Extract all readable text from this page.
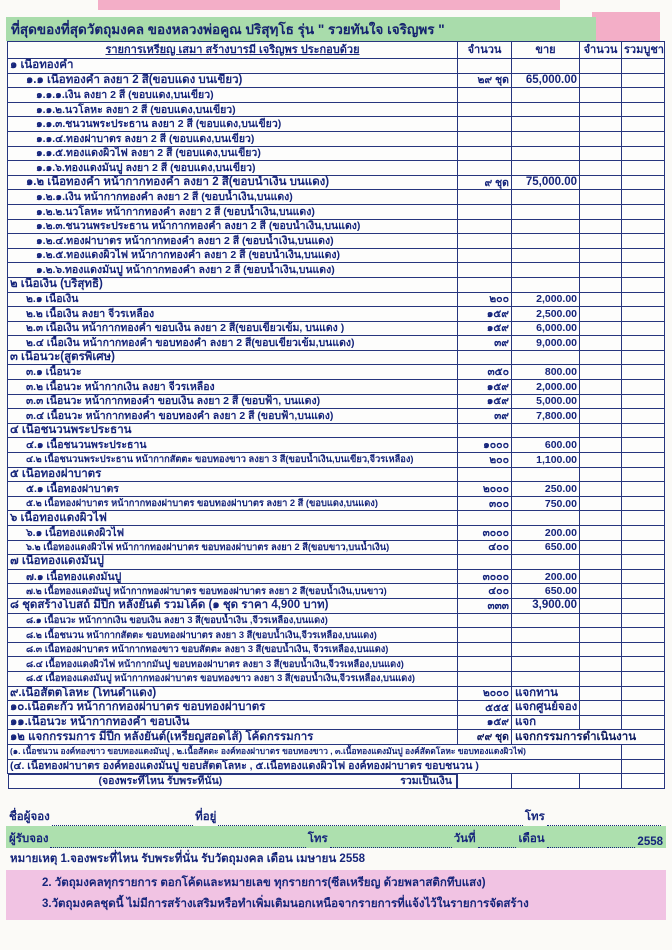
ที่สุดของที่สุดวัตถุมงคล ของหลวงพ่อคูณ ปริสุทฺโธ รุ่น " รวยทันใจ เจริญพร "
รายการเหรียญ เสมา สร้างบารมี เจริญพร ประกอบด้วย	จำนวน	ขาย	จำนวน	รวมบูชา
๑ เนื้อทองคำ				
๑.๑ เนื้อทองคำ ลงยา 2 สี(ขอบแดง บนเขียว)	๒๙ ชุด	65,000.00		
๑.๑.๑.เงิน ลงยา 2 สี (ขอบแดง,บนเขียว)				
๑.๑.๒.นวโลหะ ลงยา 2 สี (ขอบแดง,บนเขียว)				
๑.๑.๓.ชนวนพระประธาน ลงยา 2 สี (ขอบแดง,บนเขียว)				
๑.๑.๔.ทองฝาบาตร ลงยา 2 สี (ขอบแดง,บนเขียว)				
๑.๑.๕.ทองแดงผิวไฟ ลงยา 2 สี (ขอบแดง,บนเขียว)				
๑.๑.๖.ทองแดงมันปู ลงยา 2 สี (ขอบแดง,บนเขียว)				
๑.๒ เนื้อทองคำ หน้ากากทองคำ ลงยา 2 สี(ขอบน้ำเงิน บนแดง)	๙ ชุด	75,000.00		
๑.๒.๑.เงิน หน้ากากทองคำ ลงยา 2 สี (ขอบน้ำเงิน,บนแดง)				
๑.๒.๒.นวโลหะ หน้ากากทองคำ ลงยา 2 สี (ขอบน้ำเงิน,บนแดง)				
๑.๒.๓.ชนวนพระประธาน หน้ากากทองคำ ลงยา 2 สี (ขอบน้ำเงิน,บนแดง)				
๑.๒.๔.ทองฝาบาตร หน้ากากทองคำ ลงยา 2 สี (ขอบน้ำเงิน,บนแดง)				
๑.๒.๕.ทองแดงผิวไฟ หน้ากากทองคำ ลงยา 2 สี (ขอบน้ำเงิน,บนแดง)				
๑.๒.๖.ทองแดงมันปู หน้ากากทองคำ ลงยา 2 สี (ขอบน้ำเงิน,บนแดง)				
๒ เนื้อเงิน (บริสุทธิ์)				
๒.๑ เนื้อเงิน	๒๐๐	2,000.00		
๒.๒ เนื้อเงิน ลงยา จีวรเหลือง	๑๕๙	2,500.00		
๒.๓ เนื้อเงิน หน้ากากทองคำ ขอบเงิน ลงยา 2 สี(ขอบเขียวเข้ม, บนแดง )	๑๕๙	6,000.00		
๒.๔ เนื้อเงิน หน้ากากทองคำ ขอบทองคำ ลงยา 2 สี(ขอบเขียวเข้ม,บนแดง)	๓๙	9,000.00		
๓ เนื้อนวะ(สูตรพิเศษ)				
๓.๑ เนื้อนวะ	๓๕๐	800.00		
๓.๒ เนื้อนวะ หน้ากากเงิน ลงยา จีวรเหลือง	๑๕๙	2,000.00		
๓.๓ เนื้อนวะ หน้ากากทองคำ ขอบเงิน ลงยา 2 สี (ขอบฟ้า, บนแดง)	๑๕๙	5,000.00		
๓.๔ เนื้อนวะ หน้ากากทองคำ ขอบทองคำ ลงยา 2 สี (ขอบฟ้า,บนแดง)	๓๙	7,800.00		
๔ เนื้อชนวนพระประธาน				
๔.๑ เนื้อชนวนพระประธาน	๑๐๐๐	600.00		
๔.๒ เนื้อชนวนพระประธาน หน้ากากสัตตะ ขอบทองขาว ลงยา 3 สี(ขอบน้ำเงิน,บนเขียว,จีวรเหลือง)	๒๐๐	1,100.00		
๕ เนื้อทองฝาบาตร				
๕.๑ เนื้อทองฝาบาตร	๒๐๐๐	250.00		
๕.๒ เนื้อทองฝาบาตร หน้ากากทองฝาบาตร ขอบทองฝาบาตร ลงยา 2 สี (ขอบแดง,บนแดง)	๓๐๐	750.00		
๖ เนื้อทองแดงผิวไฟ				
๖.๑ เนื้อทองแดงผิวไฟ	๓๐๐๐	200.00		
๖.๒ เนื้อทองแดงผิวไฟ หน้ากากทองฝาบาตร ขอบทองฝาบาตร ลงยา 2 สี(ขอบขาว,บนน้ำเงิน)	๔๐๐	650.00		
๗ เนื้อทองแดงมันปู				
๗.๑ เนื้อทองแดงมันปู	๓๐๐๐	200.00		
๗.๒ เนื้อทองแดงมันปู หน้ากากทองฝาบาตร ขอบทองฝาบาตร ลงยา 2 สี(ขอบน้ำเงิน,บนขาว)	๔๐๐	650.00		
๘ ชุดสร้างโบสถ์ มีปีก หลังยันต์ รวมโค้ด (๑ ชุด ราคา 4,900 บาท)	๓๓๓	3,900.00		
๘.๑ เนื้อนวะ หน้ากากเงิน ขอบเงิน ลงยา 3 สี(ขอบน้ำเงิน ,จีวรเหลือง,บนแดง)				
๘.๒ เนื้อชนวน หน้ากากสัตตะ ขอบทองฝาบาตร ลงยา 3 สี(ขอบน้ำเงิน,จีวรเหลือง,บนแดง)				
๘.๓ เนื้อทองฝาบาตร หน้ากากทองขาว ขอบสัตตะ ลงยา 3 สี(ขอบน้ำเงิน, จีวรเหลือง,บนแดง)				
๘.๔ เนื้อทองแดงผิวไฟ หน้ากากมันปู ขอบทองฝาบาตร ลงยา 3 สี(ขอบน้ำเงิน,จีวรเหลือง,บนแดง)				
๘.๕ เนื้อทองแดงมันปู หน้ากากทองฝาบาตร ขอบทองขาว ลงยา 3 สี(ขอบน้ำเงิน,จีวรเหลือง,บนแดง)				
๙.เนื้อสัตตโลหะ (โทนดำแดง)	๒๐๐๐	แจกทาน		
๑๐.เนื้อตะกั่ว หน้ากากทองฝาบาตร ขอบทองฝาบาตร	๕๕๕	แจกศูนย์จอง		
๑๑.เนื้อนวะ หน้ากากทองคำ ขอบเงิน	๑๕๙	แจก		
๑๒ แจกกรรมการ มีปีก หลังยันต์(เหรียญสอดไส้) โค้ดกรรมการ	๙๙ ชุด	แจกกรรมการดำเนินงาน		
(๑. เนื้อชนวน องค์ทองขาว ขอบทองแดงมันปู , ๒.เนื้อสัตตะ องค์ทองฝาบาตร ขอบทองขาว , ๓.เนื้อทองแดงมันปู องค์สัตตโลหะ ขอบทองแดงผิวไฟ)				
(๔. เนื้อทองฝาบาตร องค์ทองแดงมันปู ขอบสัตตโลหะ , ๕.เนื้อทองแดงผิวไฟ องค์ทองฝาบาตร ขอบชนวน )				

(จองพระที่ไหน รับพระที่นั่น)	รวมเป็นเงิน

ชื่อผู้จอง	ที่อยู่	โทร
ผู้รับจอง	โทร	วันที่	เดือน	2558
หมายเหตุ 1.จองพระที่ไหน รับพระที่นั่น รับวัตถุมงคล เดือน เมษายน 2558
2. วัตถุมงคลทุกรายการ ตอกโค้ดและหมายเลข ทุกรายการ(ซีลเหรียญ ด้วยพลาสติกทึบแสง)
3.วัตถุมงคลชุดนี้ ไม่มีการสร้างเสริมหรือทำเพิ่มเติมนอกเหนือจากรายการที่แจ้งไว้ในรายการจัดสร้าง
